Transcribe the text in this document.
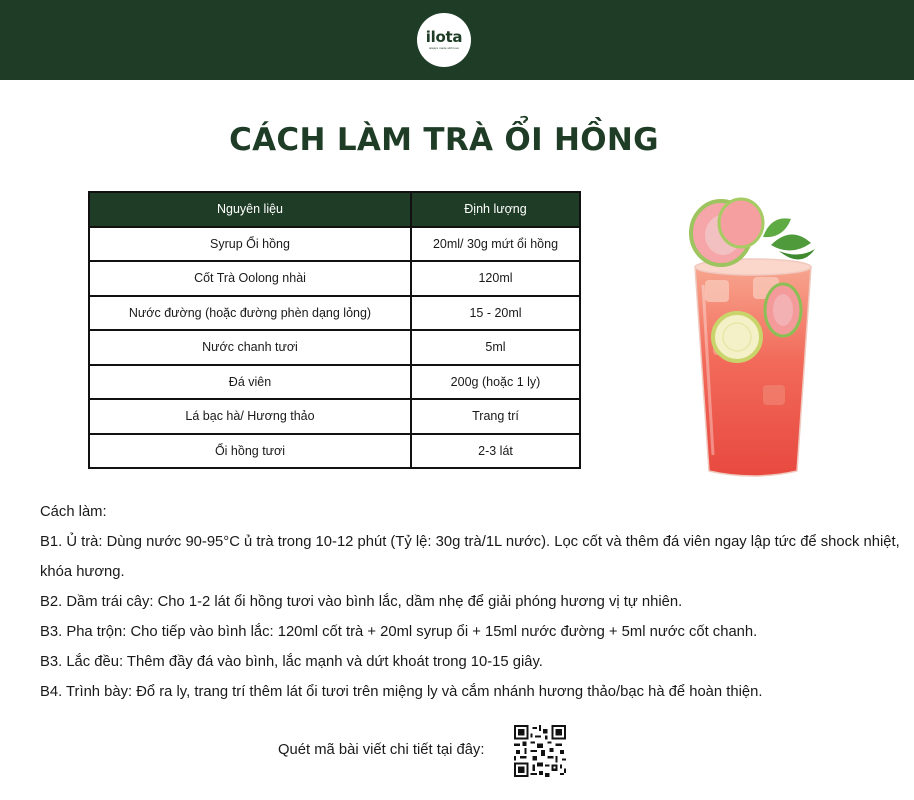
ilota
always made with love
CÁCH LÀM TRÀ ỔI HỒNG
Nguyên liệu	Định lượng
Syrup Ổi hồng	20ml/ 30g mứt ổi hồng
Cốt Trà Oolong nhài	120ml
Nước đường (hoặc đường phèn dạng lỏng)	15 - 20ml
Nước chanh tươi	5ml
Đá viên	200g (hoặc 1 ly)
Lá bạc hà/ Hương thảo	Trang trí
Ổi hồng tươi	2-3 lát

Cách làm:

B1. Ủ trà: Dùng nước 90-95°C ủ trà trong 10-12 phút (Tỷ lệ: 30g trà/1L nước). Lọc cốt và thêm đá viên ngay lập tức để shock nhiệt, khóa hương.

B2. Dầm trái cây: Cho 1-2 lát ổi hồng tươi vào bình lắc, dầm nhẹ để giải phóng hương vị tự nhiên.

B3. Pha trộn: Cho tiếp vào bình lắc: 120ml cốt trà + 20ml syrup ổi + 15ml nước đường + 5ml nước cốt chanh.

B3. Lắc đều: Thêm đầy đá vào bình, lắc mạnh và dứt khoát trong 10-15 giây.

B4. Trình bày: Đổ ra ly, trang trí thêm lát ổi tươi trên miệng ly và cắm nhánh hương thảo/bạc hà để hoàn thiện.

Quét mã bài viết chi tiết tại đây:
